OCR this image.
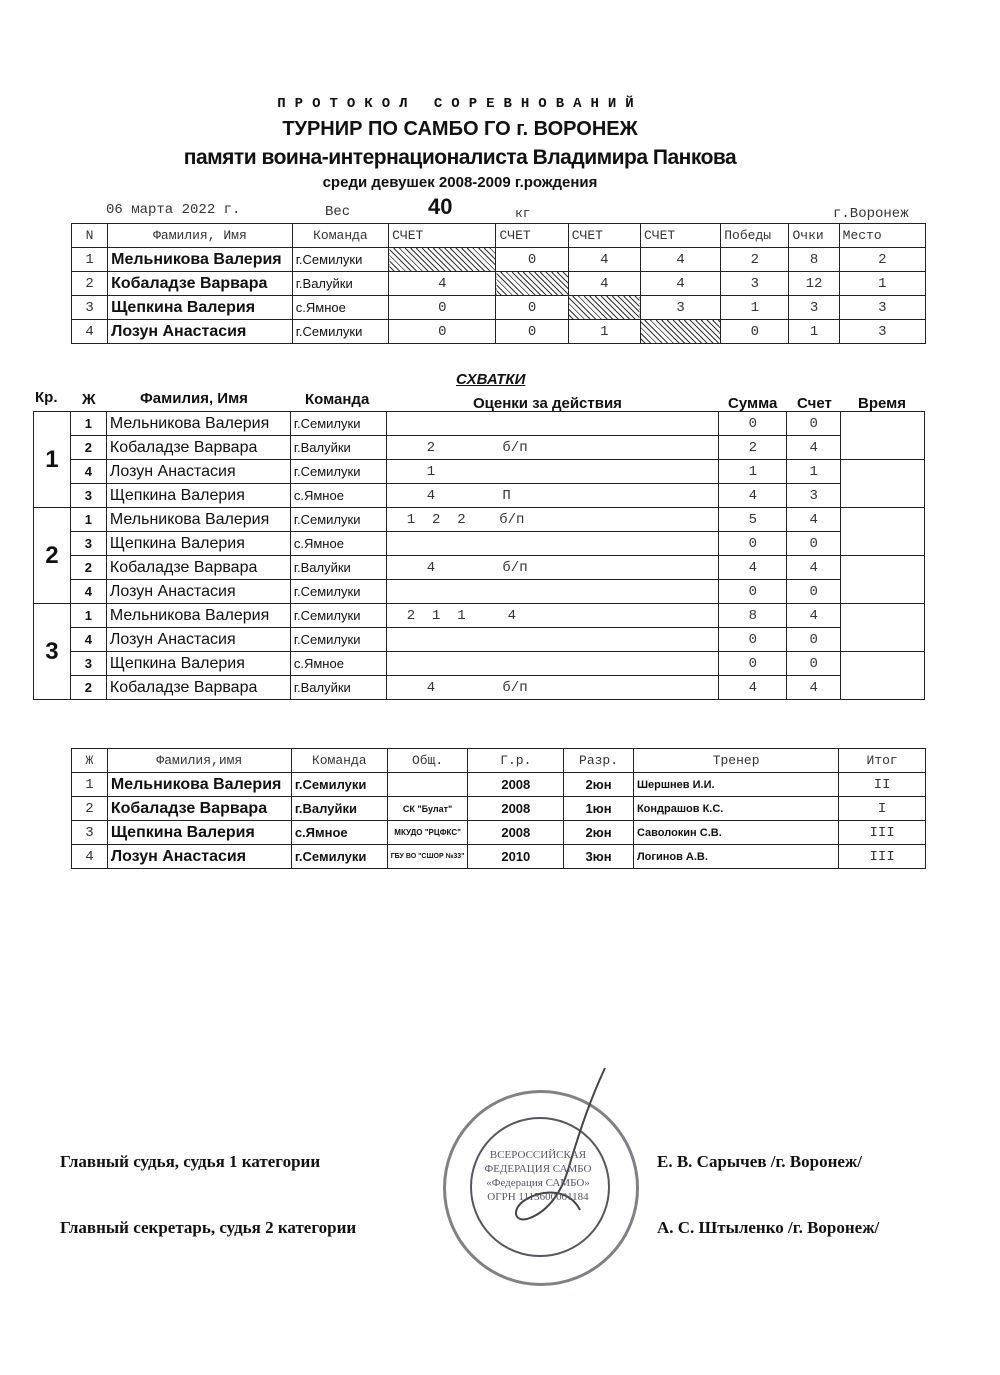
ПРОТОКОЛ СОРЕВНОВАНИЙ
ТУРНИР ПО САМБО ГО г. ВОРОНЕЖ
памяти воина-интернационалиста Владимира Панкова
среди девушек 2008-2009 г.рождения
06 марта 2022 г.	Вес	40	кг	г.Воронеж
N	Фамилия, Имя	Команда	СЧЕТ	СЧЕТ	СЧЕТ	СЧЕТ	Победы	Очки	Место
1	Мельникова Валерия	г.Семилуки		0	4	4	2	8	2
2	Кобаладзе Варвара	г.Валуйки	4		4	4	3	12	1
3	Щепкина Валерия	с.Ямное	0	0		3	1	3	3
4	Лозун Анастасия	г.Семилуки	0	0	1		0	1	3
СХВАТКИ
Кр. Ж	Фамилия, Имя	Команда	Оценки за действия	Сумма Счет Время
1	1	Мельникова Валерия	г.Семилуки		0	0	
	2	Кобаладзе Варвара	г.Валуйки	2        б/п	2	4	
	4	Лозун Анастасия	г.Семилуки	1	1	1	
	3	Щепкина Валерия	с.Ямное	4        П	4	3	
2	1	Мельникова Валерия	г.Семилуки	1  2  2    б/п	5	4	
	3	Щепкина Валерия	с.Ямное		0	0	
	2	Кобаладзе Варвара	г.Валуйки	4        б/п	4	4	
	4	Лозун Анастасия	г.Семилуки		0	0	
3	1	Мельникова Валерия	г.Семилуки	2  1  1     4	8	4	
	4	Лозун Анастасия	г.Семилуки		0	0	
	3	Щепкина Валерия	с.Ямное		0	0	
	2	Кобаладзе Варвара	г.Валуйки	4        б/п	4	4	
Ж	Фамилия,имя	Команда	Общ.	Г.р.	Разр.	Тренер	Итог
1	Мельникова Валерия	г.Семилуки		2008	2юн	Шершнев И.И.	II
2	Кобаладзе Варвара	г.Валуйки	СК "Булат"	2008	1юн	Кондрашов К.С.	I
3	Щепкина Валерия	с.Ямное	МКУДО "РЦФКС"	2008	2юн	Саволокин С.В.	III
4	Лозун Анастасия	г.Семилуки	ГБУ ВО "СШОР №33"	2010	3юн	Логинов А.В.	III
Главный судья, судья 1 категории	Е. В. Сарычев /г. Воронеж/
Главный секретарь, судья 2 категории	А. С. Штыленко /г. Воронеж/
ВСЕРОССИЙСКАЯ ФЕДЕРАЦИЯ САМБО «Федерация САМБО» ОГРН 1113600001184
